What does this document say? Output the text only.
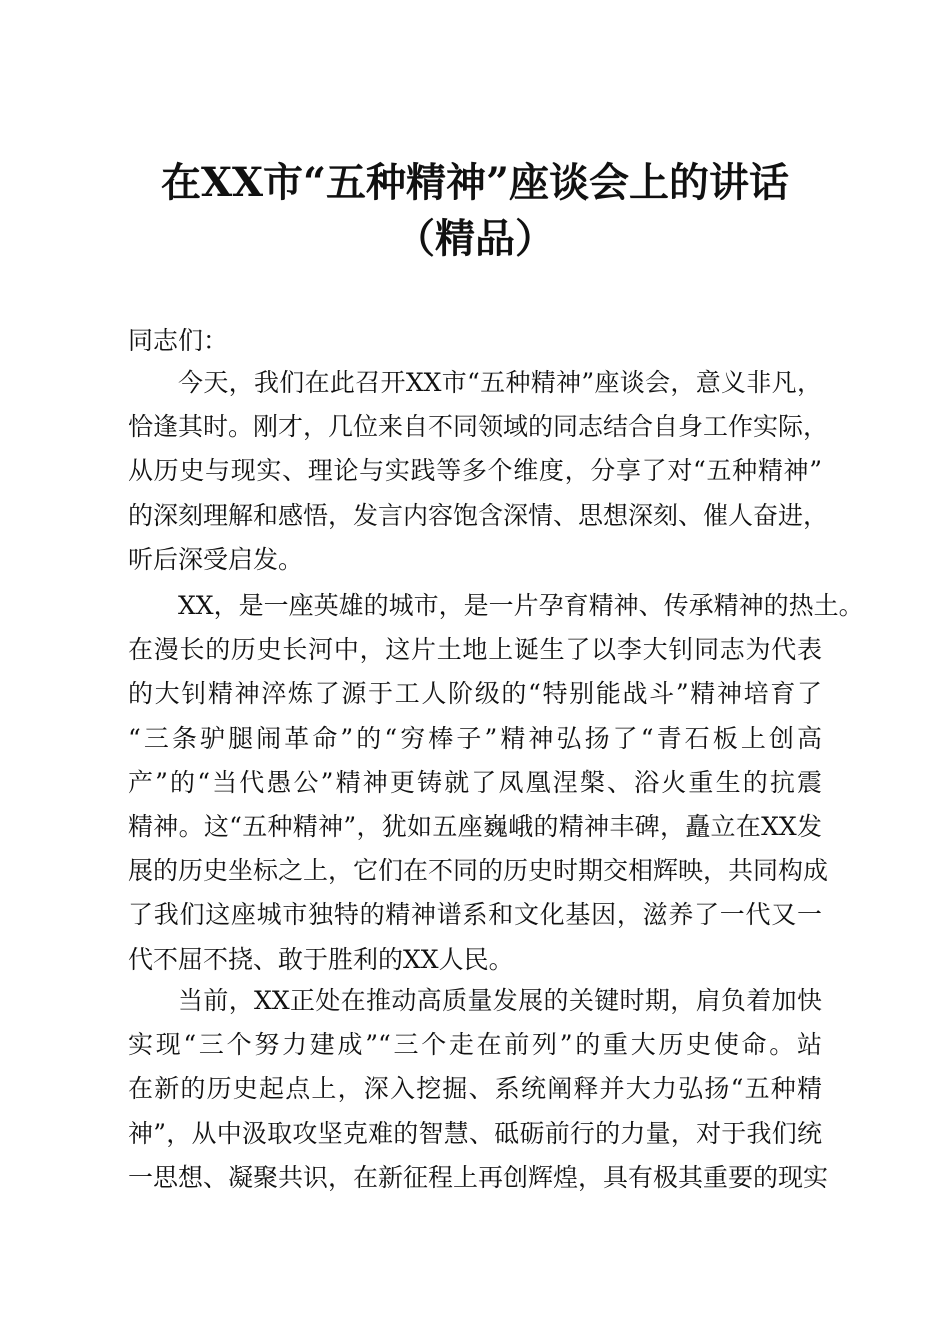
在XX市“五种精神”座谈会上的讲话
（精品）
同志们：
今天，我们在此召开XX市“五种精神”座谈会，意义非凡，
恰逢其时。刚才，几位来自不同领域的同志结合自身工作实际，
从历史与现实、理论与实践等多个维度，分享了对“五种精神”
的深刻理解和感悟，发言内容饱含深情、思想深刻、催人奋进，
听后深受启发。
XX，是一座英雄的城市，是一片孕育精神、传承精神的热土。
在漫长的历史长河中，这片土地上诞生了以李大钊同志为代表
的大钊精神淬炼了源于工人阶级的“特别能战斗”精神培育了
“三条驴腿闹革命”的“穷棒子”精神弘扬了“青石板上创高
产”的“当代愚公”精神更铸就了凤凰涅槃、浴火重生的抗震
精神。这“五种精神”，犹如五座巍峨的精神丰碑，矗立在XX发
展的历史坐标之上，它们在不同的历史时期交相辉映，共同构成
了我们这座城市独特的精神谱系和文化基因，滋养了一代又一
代不屈不挠、敢于胜利的XX人民。
当前，XX正处在推动高质量发展的关键时期，肩负着加快
实现“三个努力建成”“三个走在前列”的重大历史使命。站
在新的历史起点上，深入挖掘、系统阐释并大力弘扬“五种精
神”，从中汲取攻坚克难的智慧、砥砺前行的力量，对于我们统
一思想、凝聚共识，在新征程上再创辉煌，具有极其重要的现实
